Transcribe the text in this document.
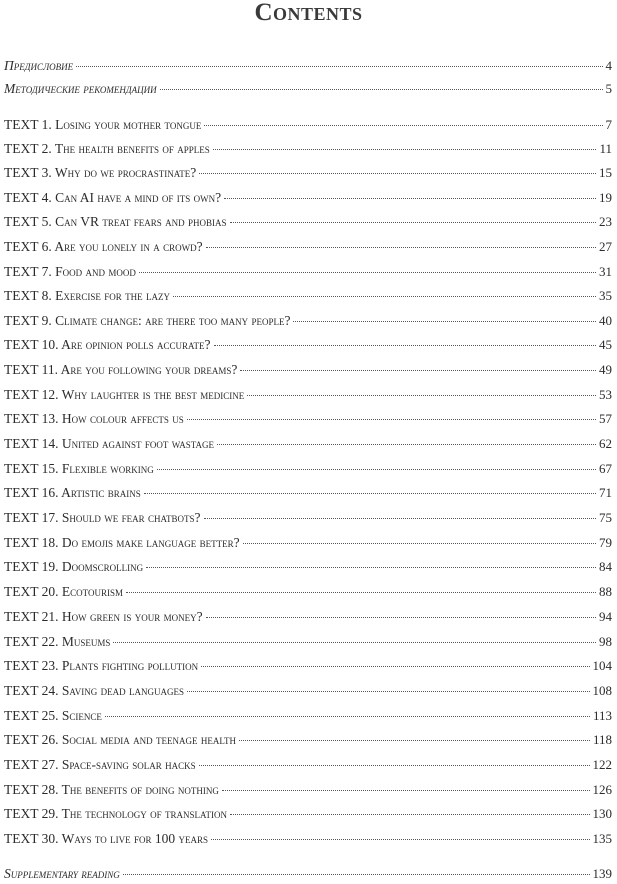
Contents
Предисловие	4
Методические рекомендации	5
TEXT 1. Losing your mother tongue	7
TEXT 2. The health benefits of apples	11
TEXT 3. Why do we procrastinate?	15
TEXT 4. Can AI have a mind of its own?	19
TEXT 5. Can VR treat fears and phobias	23
TEXT 6. Are you lonely in a crowd?	27
TEXT 7. Food and mood	31
TEXT 8. Exercise for the lazy	35
TEXT 9. Climate change: are there too many people?	40
TEXT 10. Are opinion polls accurate?	45
TEXT 11. Are you following your dreams?	49
TEXT 12. Why laughter is the best medicine	53
TEXT 13. How colour affects us	57
TEXT 14. United against foot wastage	62
TEXT 15. Flexible working	67
TEXT 16. Artistic brains	71
TEXT 17. Should we fear chatbots?	75
TEXT 18. Do emojis make language better?	79
TEXT 19. Doomscrolling	84
TEXT 20. Ecotourism	88
TEXT 21. How green is your money?	94
TEXT 22. Museums	98
TEXT 23. Plants fighting pollution	104
TEXT 24. Saving dead languages	108
TEXT 25. Science	113
TEXT 26. Social media and teenage health	118
TEXT 27. Space-saving solar hacks	122
TEXT 28. The benefits of doing nothing	126
TEXT 29. The technology of translation	130
TEXT 30. Ways to live for 100 years	135
Supplementary reading	139
